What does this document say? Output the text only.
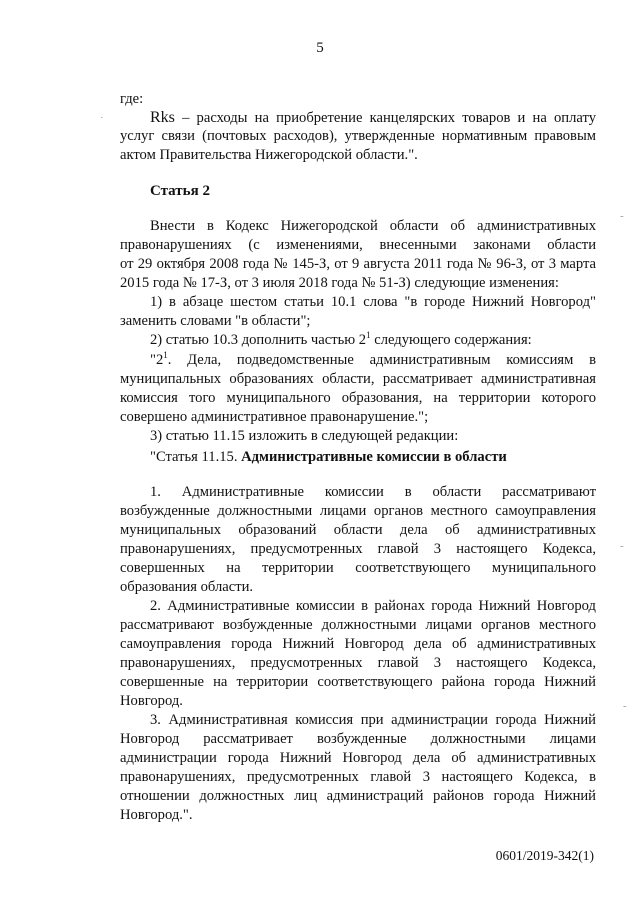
5
где:
Rks – расходы на приобретение канцелярских товаров и на оплату
услуг связи (почтовых расходов), утвержденные нормативным правовым
актом Правительства Нижегородской области.".
Статья 2
Внести в Кодекс Нижегородской области об административных
правонарушениях (с изменениями, внесенными законами области
от 29 октября 2008 года № 145-З, от 9 августа 2011 года № 96-З, от 3 марта
2015 года № 17-З, от 3 июля 2018 года № 51-З) следующие изменения:
1) в абзаце шестом статьи 10.1 слова "в городе Нижний Новгород"
заменить словами "в области";
2) статью 10.3 дополнить частью $2^1$ следующего содержания:
"$2^1$. Дела, подведомственные административным комиссиям в
муниципальных образованиях области, рассматривает административная
комиссия того муниципального образования, на территории которого
совершено административное правонарушение.";
3) статью 11.15 изложить в следующей редакции:
"Статья 11.15. Административные комиссии в области
1. Административные комиссии в области рассматривают
возбужденные должностными лицами органов местного самоуправления
муниципальных образований области дела об административных
правонарушениях, предусмотренных главой 3 настоящего Кодекса,
совершенных на территории соответствующего муниципального
образования области.
2. Административные комиссии в районах города Нижний Новгород
рассматривают возбужденные должностными лицами органов местного
самоуправления города Нижний Новгород дела об административных
правонарушениях, предусмотренных главой 3 настоящего Кодекса,
совершенные на территории соответствующего района города Нижний
Новгород.
3. Административная комиссия при администрации города Нижний
Новгород рассматривает возбужденные должностными лицами
администрации города Нижний Новгород дела об административных
правонарушениях, предусмотренных главой 3 настоящего Кодекса, в
отношении должностных лиц администраций районов города Нижний
Новгород.".
0601/2019-342(1)
·
-
-
-
